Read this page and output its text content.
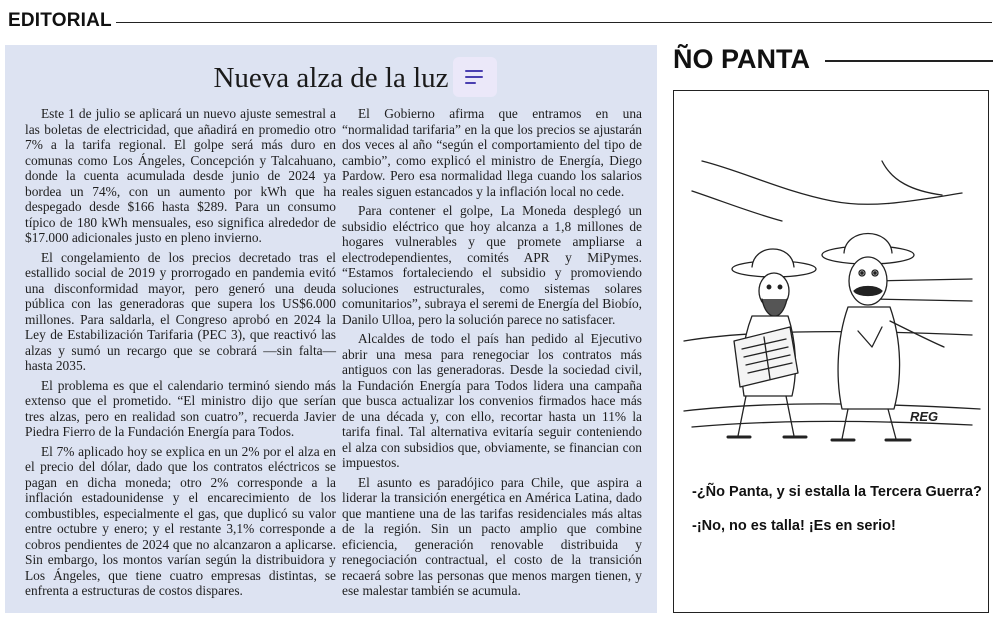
EDITORIAL
Nueva alza de la luz

Este 1 de julio se aplicará un nuevo ajuste semestral a las boletas de electricidad, que añadirá en promedio otro 7% a la tarifa regional. El golpe será más duro en comunas como Los Ángeles, Concepción y Talcahuano, donde la cuenta acumulada desde junio de 2024 ya bordea un 74%, con un aumento por kWh que ha despegado desde $166 hasta $289. Para un consumo típico de 180 kWh mensuales, eso significa alrededor de $17.000 adicionales justo en pleno invierno.

El congelamiento de los precios decretado tras el estallido social de 2019 y prorrogado en pandemia evitó una disconformidad mayor, pero generó una deuda pública con las generadoras que supera los US$6.000 millones. Para saldarla, el Congreso aprobó en 2024 la Ley de Estabilización Tarifaria (PEC 3), que reactivó las alzas y sumó un recargo que se cobrará —sin falta— hasta 2035.

El problema es que el calendario terminó siendo más extenso que el prometido. “El ministro dijo que serían tres alzas, pero en realidad son cuatro”, recuerda Javier Piedra Fierro de la Fundación Energía para Todos.

El 7% aplicado hoy se explica en un 2% por el alza en el precio del dólar, dado que los contratos eléctricos se pagan en dicha moneda; otro 2% corresponde a la inflación estadounidense y el encarecimiento de los combustibles, especialmente el gas, que duplicó su valor entre octubre y enero; y el restante 3,1% corresponde a cobros pendientes de 2024 que no alcanzaron a aplicarse. Sin embargo, los montos varían según la distribuidora y Los Ángeles, que tiene cuatro empresas distintas, se enfrenta a estructuras de costos dispares.

El Gobierno afirma que entramos en una “normalidad tarifaria” en la que los precios se ajustarán dos veces al año “según el comportamiento del tipo de cambio”, como explicó el ministro de Energía, Diego Pardow. Pero esa normalidad llega cuando los salarios reales siguen estancados y la inflación local no cede.

Para contener el golpe, La Moneda desplegó un subsidio eléctrico que hoy alcanza a 1,8 millones de hogares vulnerables y que promete ampliarse a electrodependientes, comités APR y MiPymes. “Estamos fortaleciendo el subsidio y promoviendo soluciones estructurales, como sistemas solares comunitarios”, subraya el seremi de Energía del Biobío, Danilo Ulloa, pero la solución parece no satisfacer.

Alcaldes de todo el país han pedido al Ejecutivo abrir una mesa para renegociar los contratos más antiguos con las generadoras. Desde la sociedad civil, la Fundación Energía para Todos lidera una campaña que busca actualizar los convenios firmados hace más de una década y, con ello, recortar hasta un 11% la tarifa final. Tal alternativa evitaría seguir conteniendo el alza con subsidios que, obviamente, se financian con impuestos.

El asunto es paradójico para Chile, que aspira a liderar la transición energética en América Latina, dado que mantiene una de las tarifas residenciales más altas de la región. Sin un pacto amplio que combine eficiencia, generación renovable distribuida y renegociación contractual, el costo de la transición recaerá sobre las personas que menos margen tienen, y ese malestar también se acumula.

ÑO PANTA
REG
-¿Ño Panta, y si estalla la Tercera Guerra?
-¡No, no es talla! ¡Es en serio!
